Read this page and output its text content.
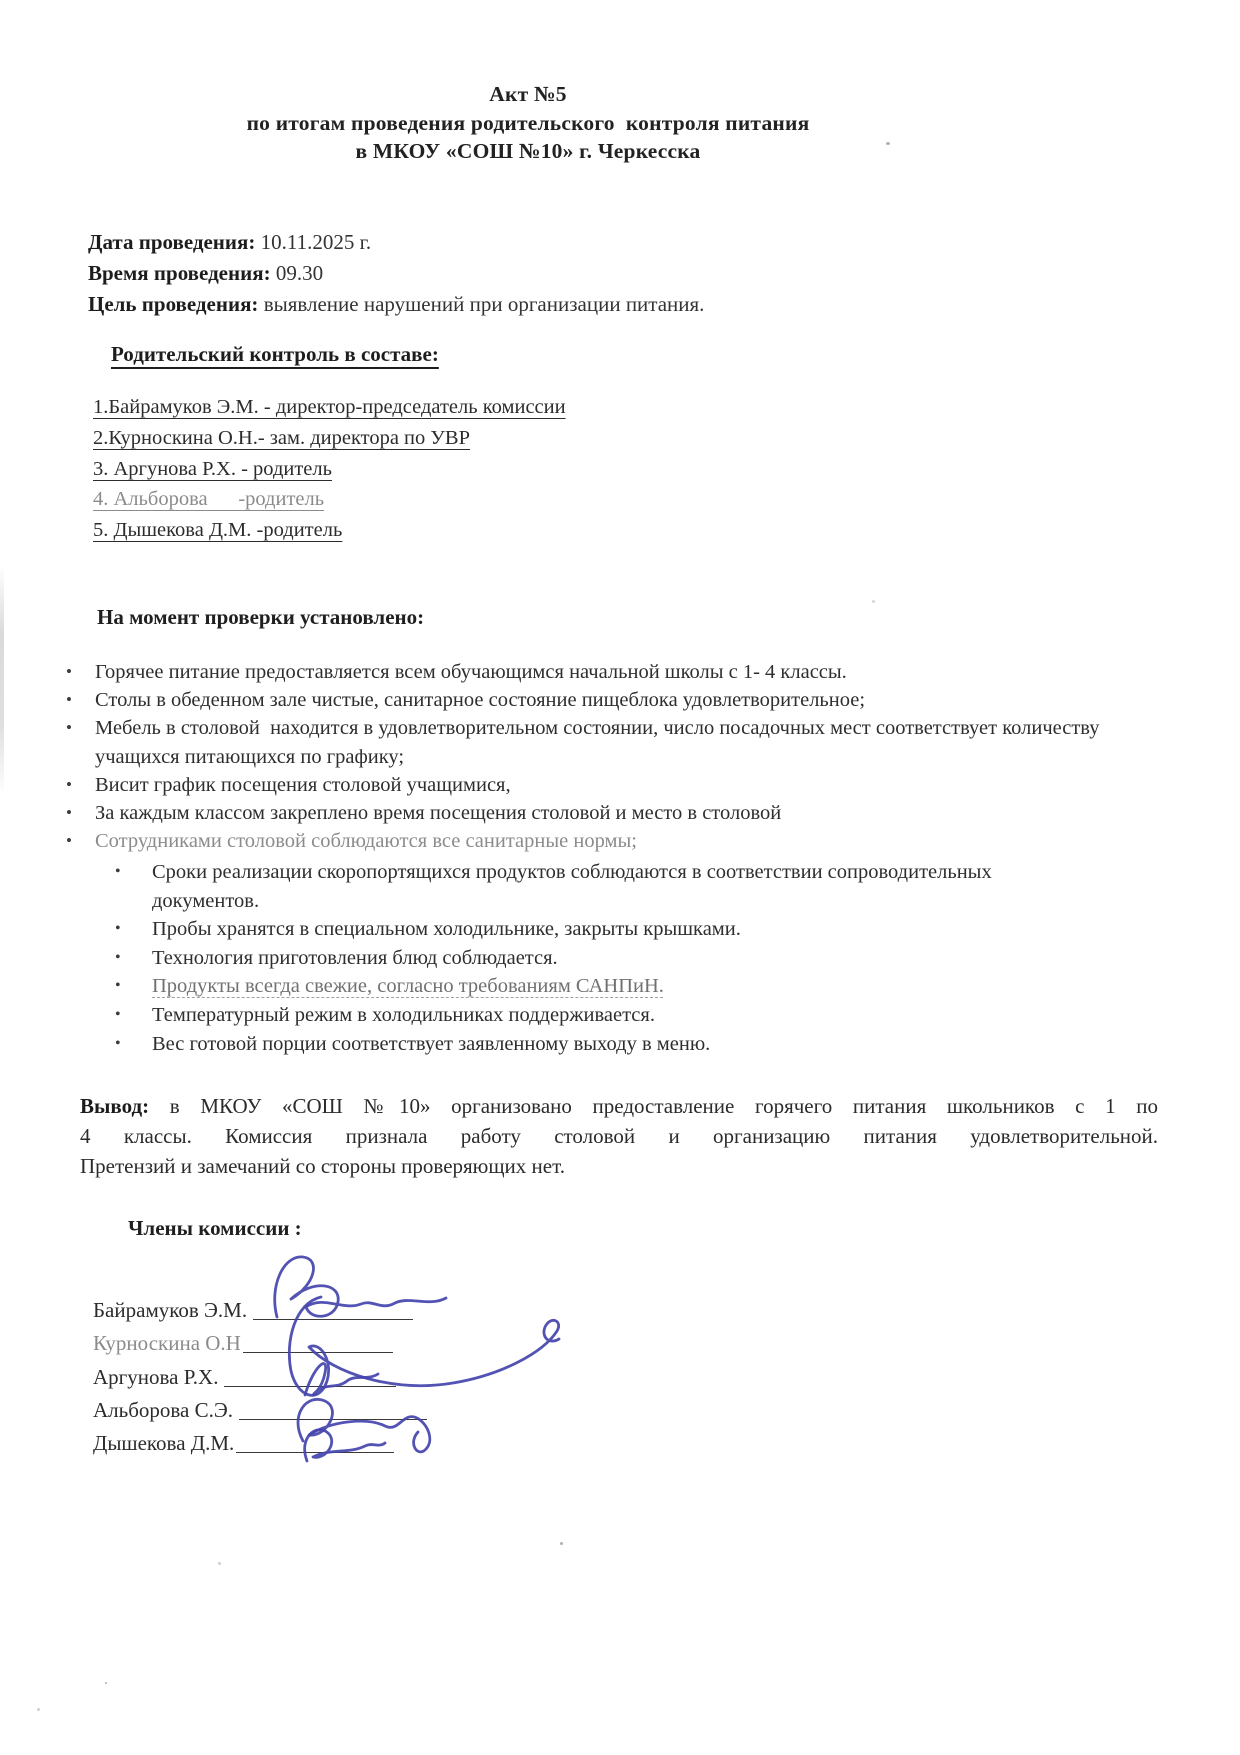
Акт №5
по итогам проведения родительского  контроля питания
в МКОУ «СОШ №10» г. Черкесска
Дата проведения: 10.11.2025 г.
Время проведения: 09.30
Цель проведения: выявление нарушений при организации питания.
Родительский контроль в составе:
1.Байрамуков Э.М. - директор-председатель комиссии
2.Курноскина О.Н.- зам. директора по УВР
3. Аргунова Р.Х. - родитель
4. Альборова      -родитель
5. Дышекова Д.М. -родитель
На момент проверки установлено:
• Горячее питание предоставляется всем обучающимся начальной школы с 1- 4 классы.
• Столы в обеденном зале чистые, санитарное состояние пищеблока удовлетворительное;
• Мебель в столовой  находится в удовлетворительном состоянии, число посадочных мест соответствует количеству учащихся питающихся по графику;
• Висит график посещения столовой учащимися,
• За каждым классом закреплено время посещения столовой и место в столовой
• Сотрудниками столовой соблюдаются все санитарные нормы;
• Сроки реализации скоропортящихся продуктов соблюдаются в соответствии сопроводительных документов.
• Пробы хранятся в специальном холодильнике, закрыты крышками.
• Технология приготовления блюд соблюдается.
• Продукты всегда свежие, согласно требованиям САНПиН.
• Температурный режим в холодильниках поддерживается.
• Вес готовой порции соответствует заявленному выходу в меню.
Вывод: в МКОУ «СОШ №10» организовано предоставление горячего питания школьников с 1 по
4 классы. Комиссия признала работу столовой и организацию питания удовлетворительной.
Претензий и замечаний со стороны проверяющих нет.
Члены комиссии :
Байрамуков Э.М.
Курноскина О.Н
Аргунова Р.Х.
Альборова С.Э.
Дышекова Д.М.
